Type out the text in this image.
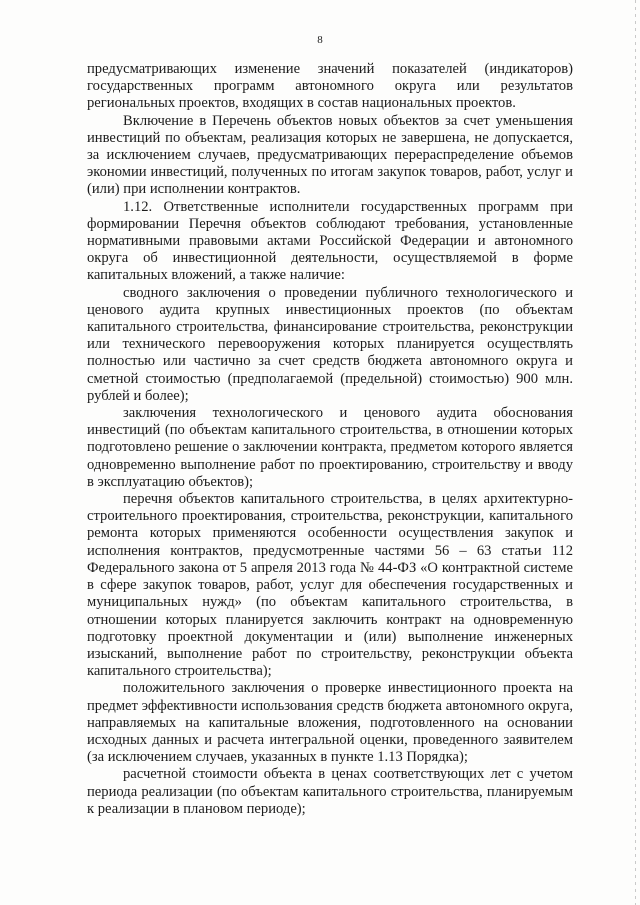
8

предусматривающих изменение значений показателей (индикаторов) государственных программ автономного округа или результатов региональных проектов, входящих в состав национальных проектов.

Включение в Перечень объектов новых объектов за счет уменьшения инвестиций по объектам, реализация которых не завершена, не допускается, за исключением случаев, предусматривающих перераспределение объемов экономии инвестиций, полученных по итогам закупок товаров, работ, услуг и (или) при исполнении контрактов.

1.12. Ответственные исполнители государственных программ при формировании Перечня объектов соблюдают требования, установленные нормативными правовыми актами Российской Федерации и автономного округа об инвестиционной деятельности, осуществляемой в форме капитальных вложений, а также наличие:

сводного заключения о проведении публичного технологического и ценового аудита крупных инвестиционных проектов (по объектам капитального строительства, финансирование строительства, реконструкции или технического перевооружения которых планируется осуществлять полностью или частично за счет средств бюджета автономного округа и сметной стоимостью (предполагаемой (предельной) стоимостью) 900 млн. рублей и более);

заключения технологического и ценового аудита обоснования инвестиций (по объектам капитального строительства, в отношении которых подготовлено решение о заключении контракта, предметом которого является одновременно выполнение работ по проектированию, строительству и вводу в эксплуатацию объектов);

перечня объектов капитального строительства, в целях архитектурно-строительного проектирования, строительства, реконструкции, капитального ремонта которых применяются особенности осуществления закупок и исполнения контрактов, предусмотренные частями 56 – 63 статьи 112 Федерального закона от 5 апреля 2013 года № 44-ФЗ «О контрактной системе в сфере закупок товаров, работ, услуг для обеспечения государственных и муниципальных нужд» (по объектам капитального строительства, в отношении которых планируется заключить контракт на одновременную подготовку проектной документации и (или) выполнение инженерных изысканий, выполнение работ по строительству, реконструкции объекта капитального строительства);

положительного заключения о проверке инвестиционного проекта на предмет эффективности использования средств бюджета автономного округа, направляемых на капитальные вложения, подготовленного на основании исходных данных и расчета интегральной оценки, проведенного заявителем (за исключением случаев, указанных в пункте 1.13 Порядка);

расчетной стоимости объекта в ценах соответствующих лет с учетом периода реализации (по объектам капитального строительства, планируемым к реализации в плановом периоде);
